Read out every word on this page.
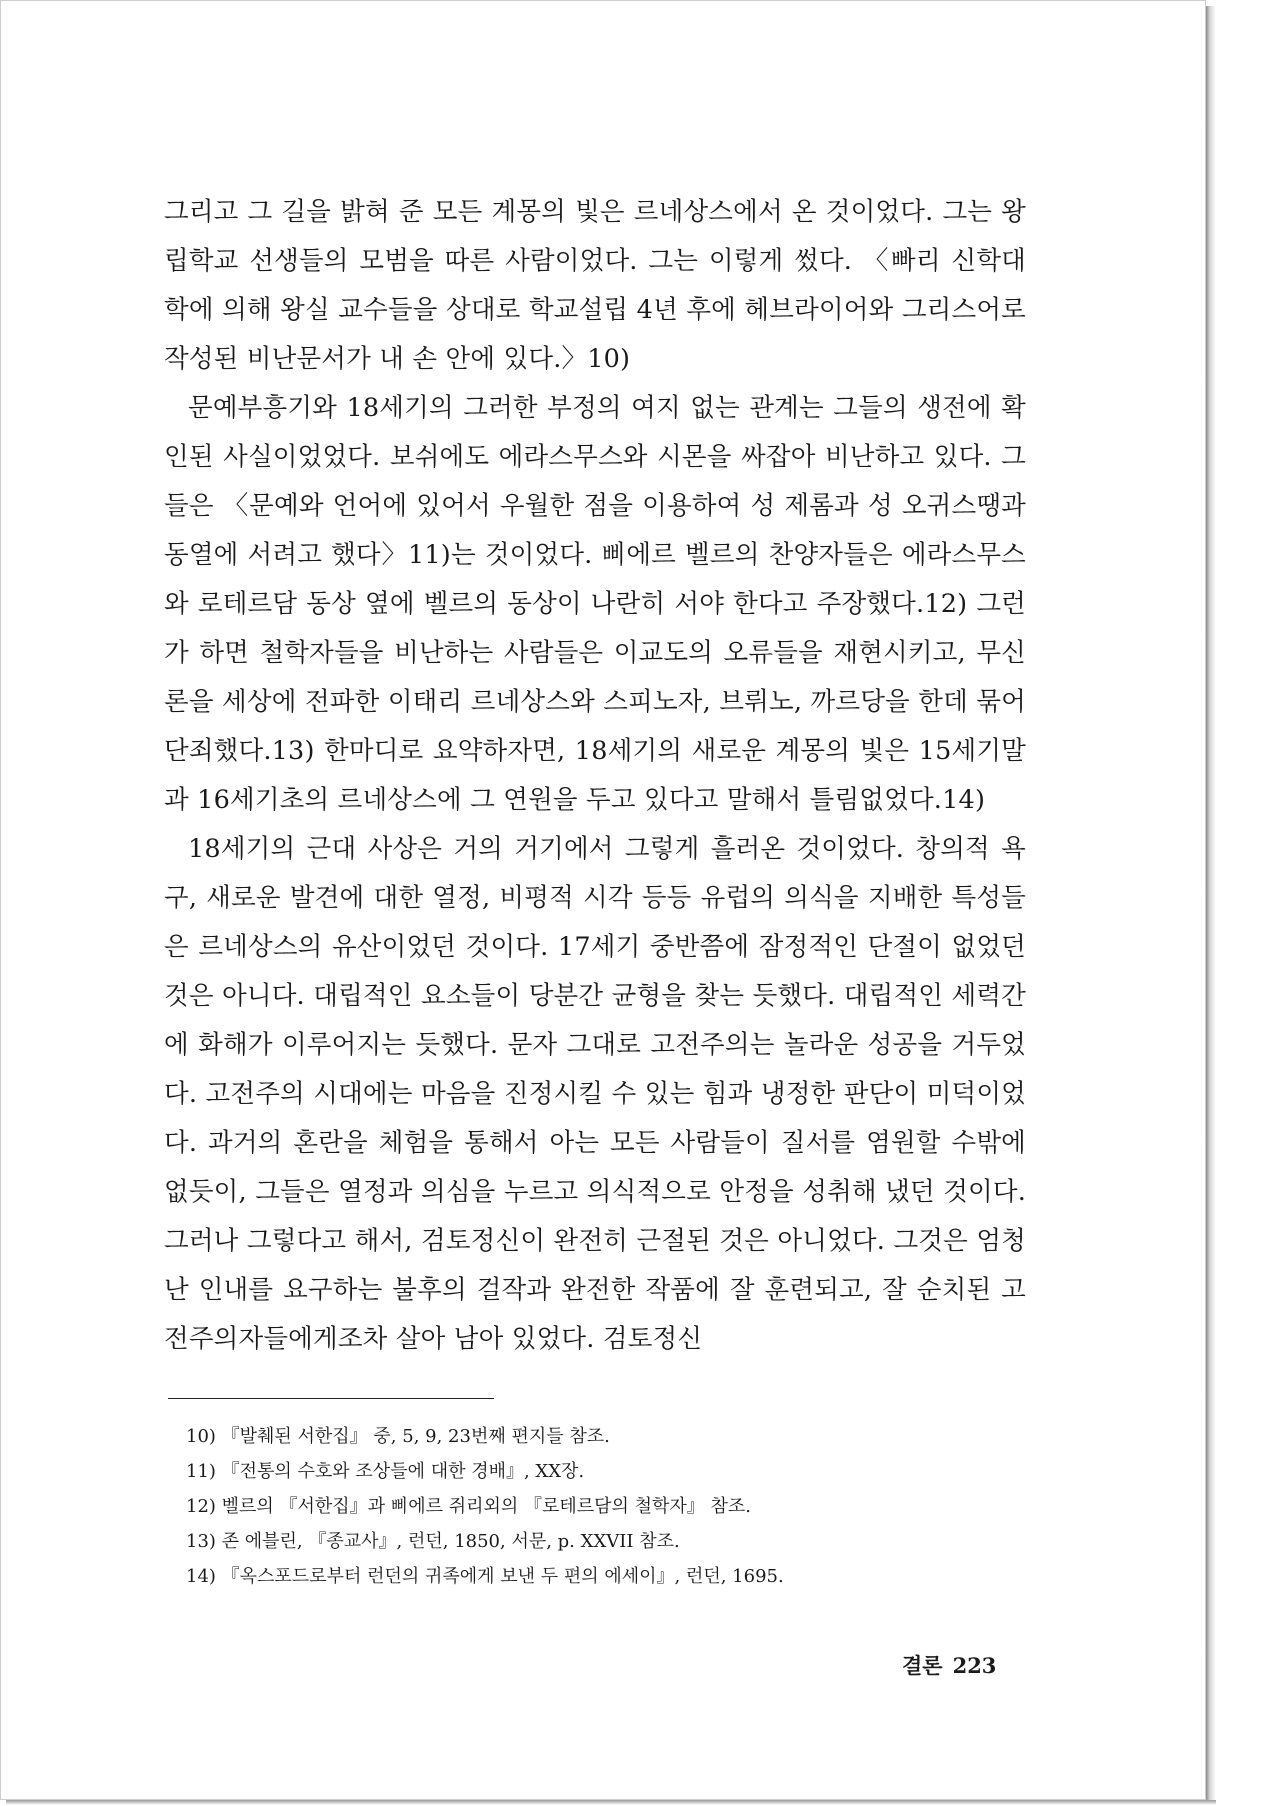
그리고 그 길을 밝혀 준 모든 계몽의 빛은 르네상스에서 온 것이었다. 그는 왕립학교 선생들의 모범을 따른 사람이었다. 그는 이렇게 썼다. 〈빠리 신학대학에 의해 왕실 교수들을 상대로 학교설립 4년 후에 헤브라이어와 그리스어로 작성된 비난문서가 내 손 안에 있다.〉10)

문예부흥기와 18세기의 그러한 부정의 여지 없는 관계는 그들의 생전에 확인된 사실이었었다. 보쉬에도 에라스무스와 시몬을 싸잡아 비난하고 있다. 그들은 〈문예와 언어에 있어서 우월한 점을 이용하여 성 제롬과 성 오귀스땡과 동열에 서려고 했다〉11)는 것이었다. 삐에르 벨르의 찬양자들은 에라스무스와 로테르담 동상 옆에 벨르의 동상이 나란히 서야 한다고 주장했다.12) 그런가 하면 철학자들을 비난하는 사람들은 이교도의 오류들을 재현시키고, 무신론을 세상에 전파한 이태리 르네상스와 스피노자, 브뤼노, 까르당을 한데 묶어 단죄했다.13) 한마디로 요약하자면, 18세기의 새로운 계몽의 빛은 15세기말과 16세기초의 르네상스에 그 연원을 두고 있다고 말해서 틀림없었다.14)

18세기의 근대 사상은 거의 거기에서 그렇게 흘러온 것이었다. 창의적 욕구, 새로운 발견에 대한 열정, 비평적 시각 등등 유럽의 의식을 지배한 특성들은 르네상스의 유산이었던 것이다. 17세기 중반쯤에 잠정적인 단절이 없었던 것은 아니다. 대립적인 요소들이 당분간 균형을 찾는 듯했다. 대립적인 세력간에 화해가 이루어지는 듯했다. 문자 그대로 고전주의는 놀라운 성공을 거두었다. 고전주의 시대에는 마음을 진정시킬 수 있는 힘과 냉정한 판단이 미덕이었다. 과거의 혼란을 체험을 통해서 아는 모든 사람들이 질서를 염원할 수밖에 없듯이, 그들은 열정과 의심을 누르고 의식적으로 안정을 성취해 냈던 것이다. 그러나 그렇다고 해서, 검토정신이 완전히 근절된 것은 아니었다. 그것은 엄청난 인내를 요구하는 불후의 걸작과 완전한 작품에 잘 훈련되고, 잘 순치된 고전주의자들에게조차 살아 남아 있었다. 검토정신

10) 『발췌된 서한집』 중, 5, 9, 23번째 편지들 참조.
11) 『전통의 수호와 조상들에 대한 경배』, XX장.
12) 벨르의 『서한집』과 삐에르 쥐리외의 『로테르담의 철학자』 참조.
13) 존 에블린, 『종교사』, 런던, 1850, 서문, p. XXVII 참조.
14) 『옥스포드로부터 런던의 귀족에게 보낸 두 편의 에세이』, 런던, 1695.
결론 223
